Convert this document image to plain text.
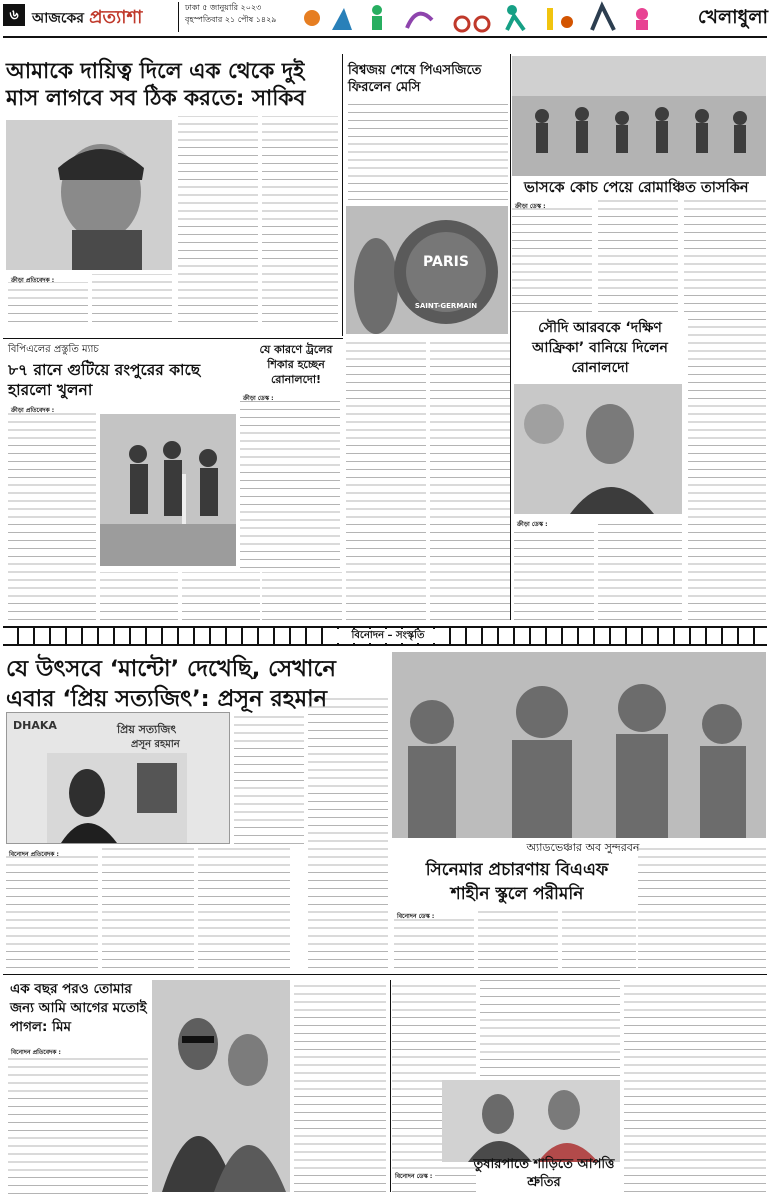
৬ আজকের প্রত্যাশা	ঢাকা ৫ জানুয়ারি ২০২৩
বৃহস্পতিবার ২১ পৌষ ১৪২৯	খেলাধুলা
আমাকে দায়িত্ব দিলে এক থেকে দুই মাস লাগবে সব ঠিক করতে: সাকিব
ক্রীড়া প্রতিবেদক :
বিশ্বজয় শেষে পিএসজিতে ফিরলেন মেসি
PARIS
SAINT-GERMAIN
ভাসকে কোচ পেয়ে রোমাঞ্চিত তাসকিন
ক্রীড়া ডেস্ক :
বিপিএলের প্রস্তুতি ম্যাচ
৮৭ রানে গুটিয়ে রংপুরের কাছে হারলো খুলনা
ক্রীড়া প্রতিবেদক :
যে কারণে ট্রলের শিকার হচ্ছেন রোনালদো!
ক্রীড়া ডেস্ক :
সৌদি আরবকে ‘দক্ষিণ আফ্রিকা’ বানিয়ে দিলেন রোনালদো
ক্রীড়া ডেস্ক :
বিনোদন – সংস্কৃতি
যে উৎসবে ‘মান্টো’ দেখেছি, সেখানে এবার ‘প্রিয় সত্যজিৎ’: প্রসূন রহমান
DHAKA	প্রিয় সত্যজিৎ
প্রসূন রহমান
বিনোদন প্রতিবেদক :
অ্যাডভেঞ্চার অব সুন্দরবন
সিনেমার প্রচারণায় বিএএফ শাহীন স্কুলে পরীমনি
বিনোদন ডেস্ক :
এক বছর পরও তোমার জন্য আমি আগের মতোই পাগল: মিম
বিনোদন প্রতিবেদক :
তুষারপাতে শাড়িতে আপত্তি শ্রুতির
বিনোদন ডেস্ক :
